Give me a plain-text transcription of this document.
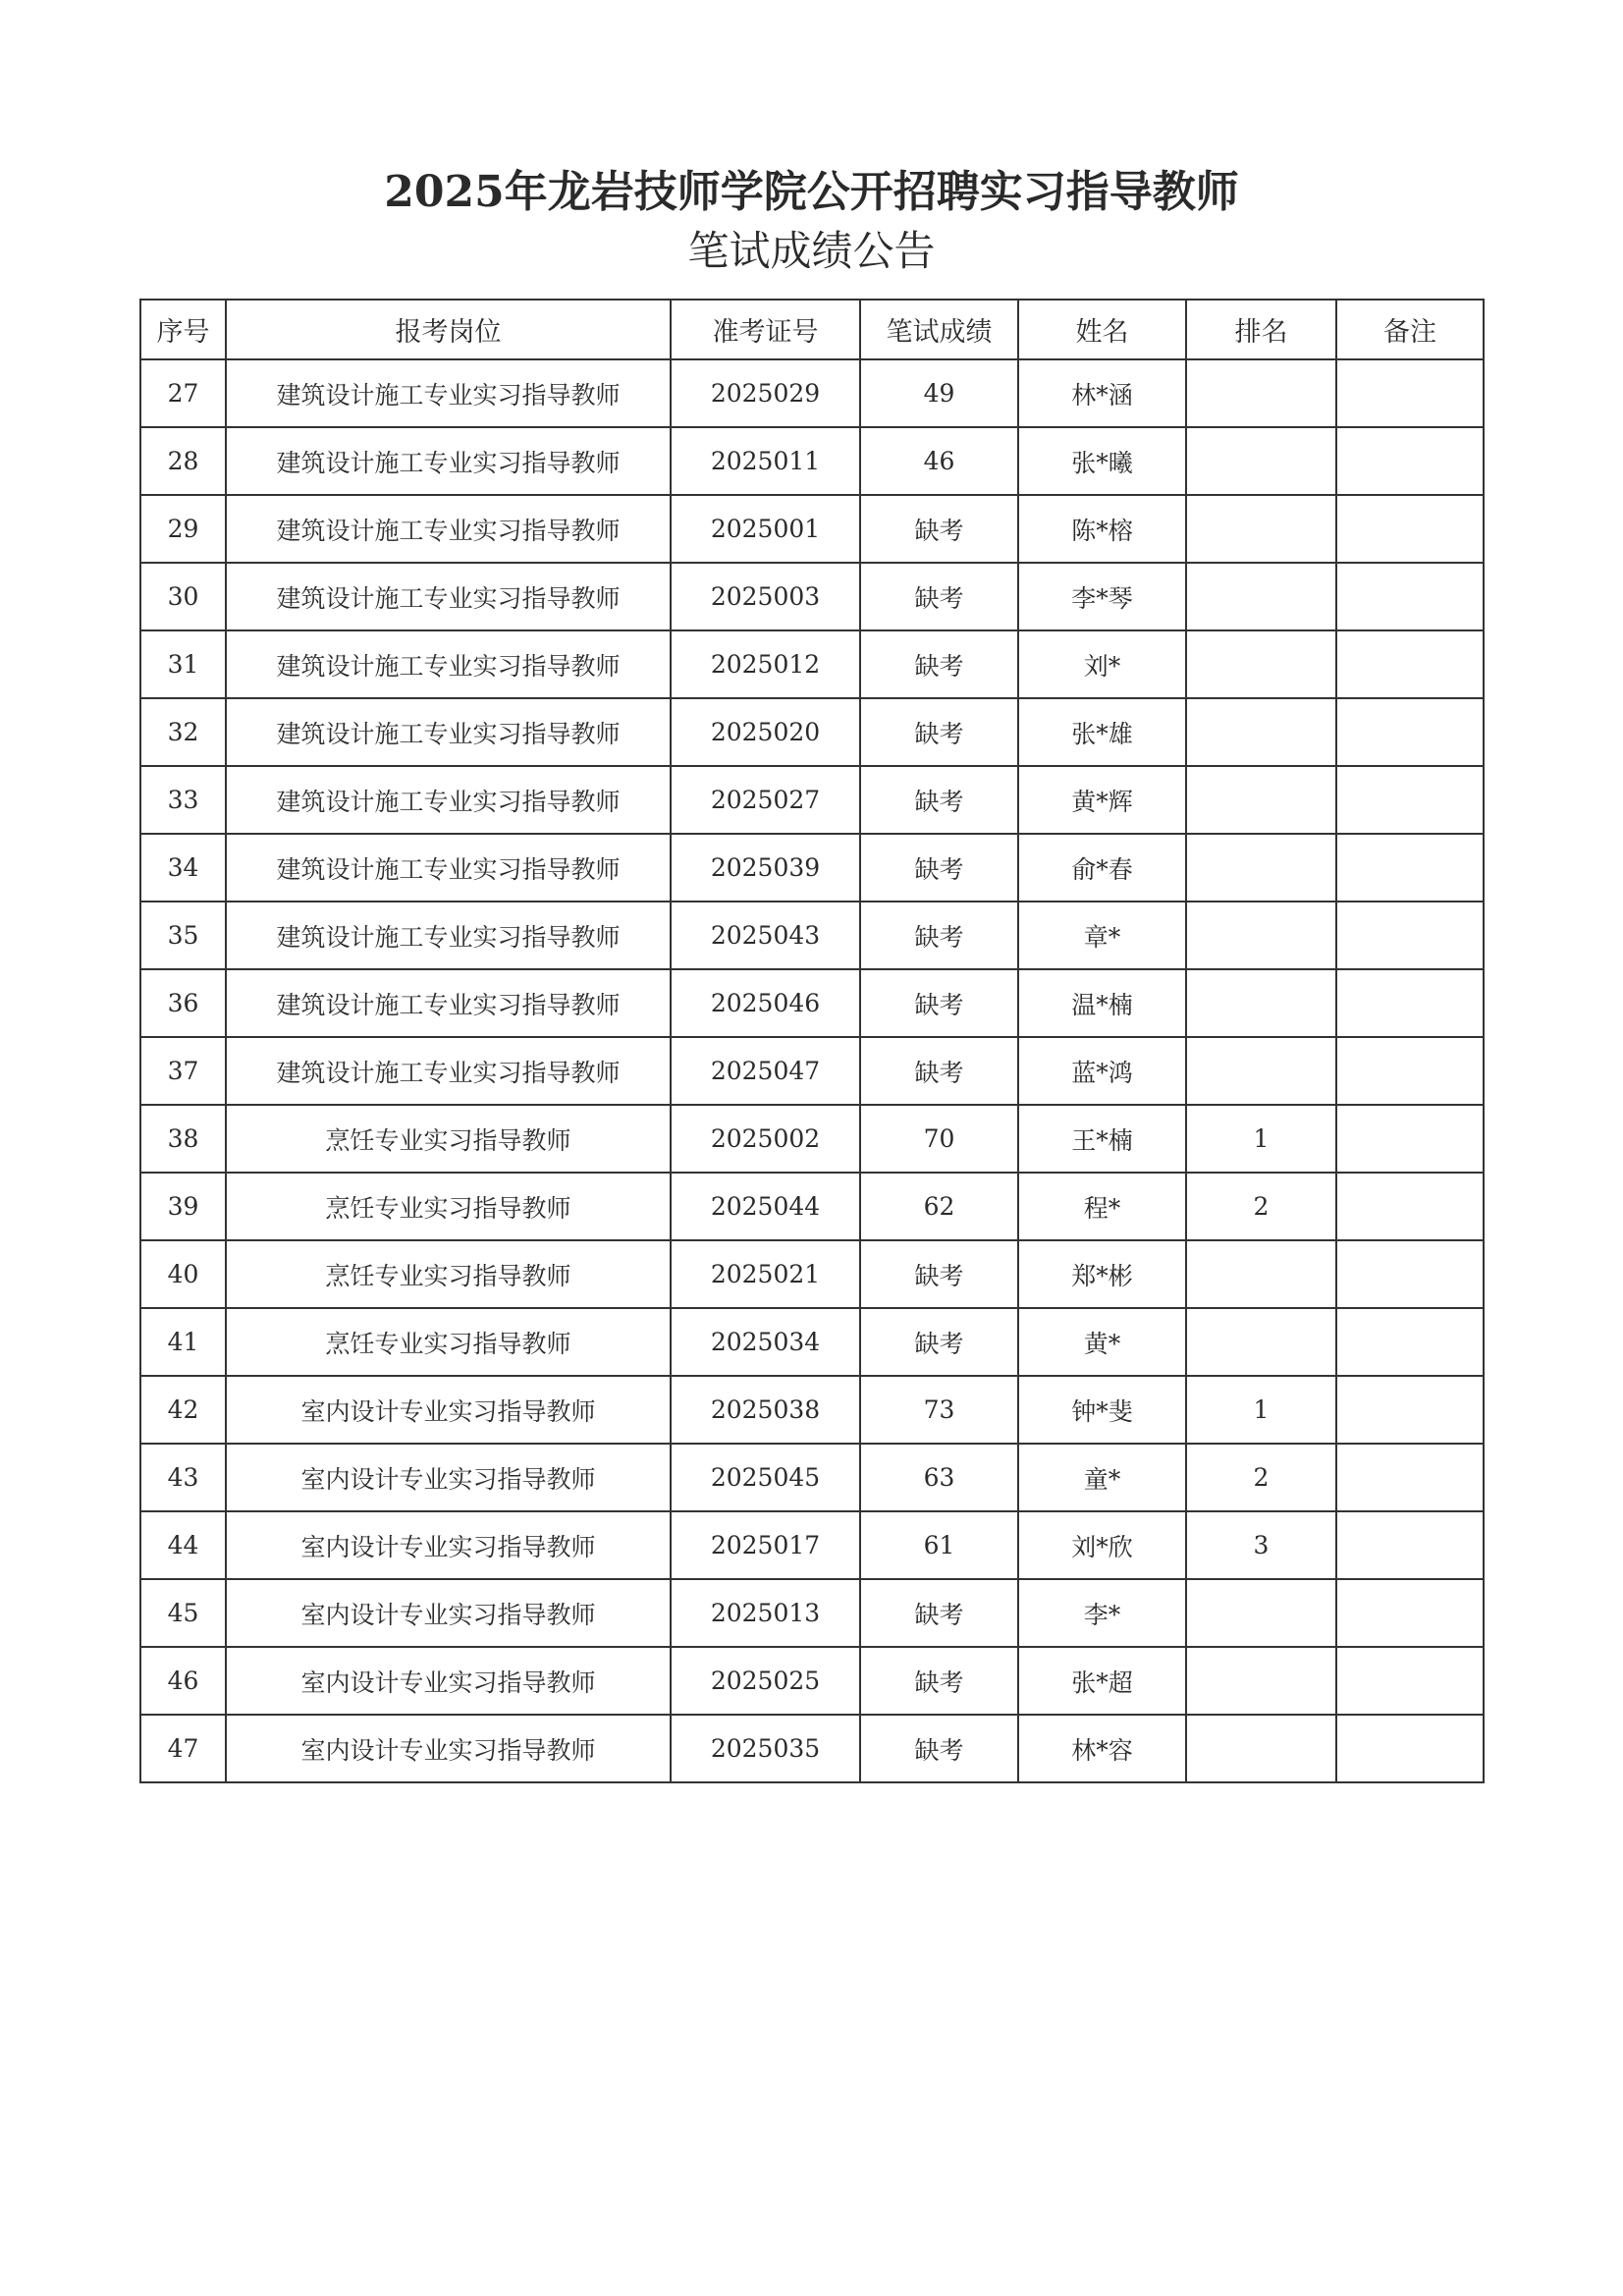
2025年龙岩技师学院公开招聘实习指导教师
笔试成绩公告
序号	报考岗位	准考证号	笔试成绩	姓名	排名	备注
27	建筑设计施工专业实习指导教师	2025029	49	林*涵		
28	建筑设计施工专业实习指导教师	2025011	46	张*曦		
29	建筑设计施工专业实习指导教师	2025001	缺考	陈*榕		
30	建筑设计施工专业实习指导教师	2025003	缺考	李*琴		
31	建筑设计施工专业实习指导教师	2025012	缺考	刘*		
32	建筑设计施工专业实习指导教师	2025020	缺考	张*雄		
33	建筑设计施工专业实习指导教师	2025027	缺考	黄*辉		
34	建筑设计施工专业实习指导教师	2025039	缺考	俞*春		
35	建筑设计施工专业实习指导教师	2025043	缺考	章*		
36	建筑设计施工专业实习指导教师	2025046	缺考	温*楠		
37	建筑设计施工专业实习指导教师	2025047	缺考	蓝*鸿		
38	烹饪专业实习指导教师	2025002	70	王*楠	1	
39	烹饪专业实习指导教师	2025044	62	程*	2	
40	烹饪专业实习指导教师	2025021	缺考	郑*彬		
41	烹饪专业实习指导教师	2025034	缺考	黄*		
42	室内设计专业实习指导教师	2025038	73	钟*斐	1	
43	室内设计专业实习指导教师	2025045	63	童*	2	
44	室内设计专业实习指导教师	2025017	61	刘*欣	3	
45	室内设计专业实习指导教师	2025013	缺考	李*		
46	室内设计专业实习指导教师	2025025	缺考	张*超		
47	室内设计专业实习指导教师	2025035	缺考	林*容		
